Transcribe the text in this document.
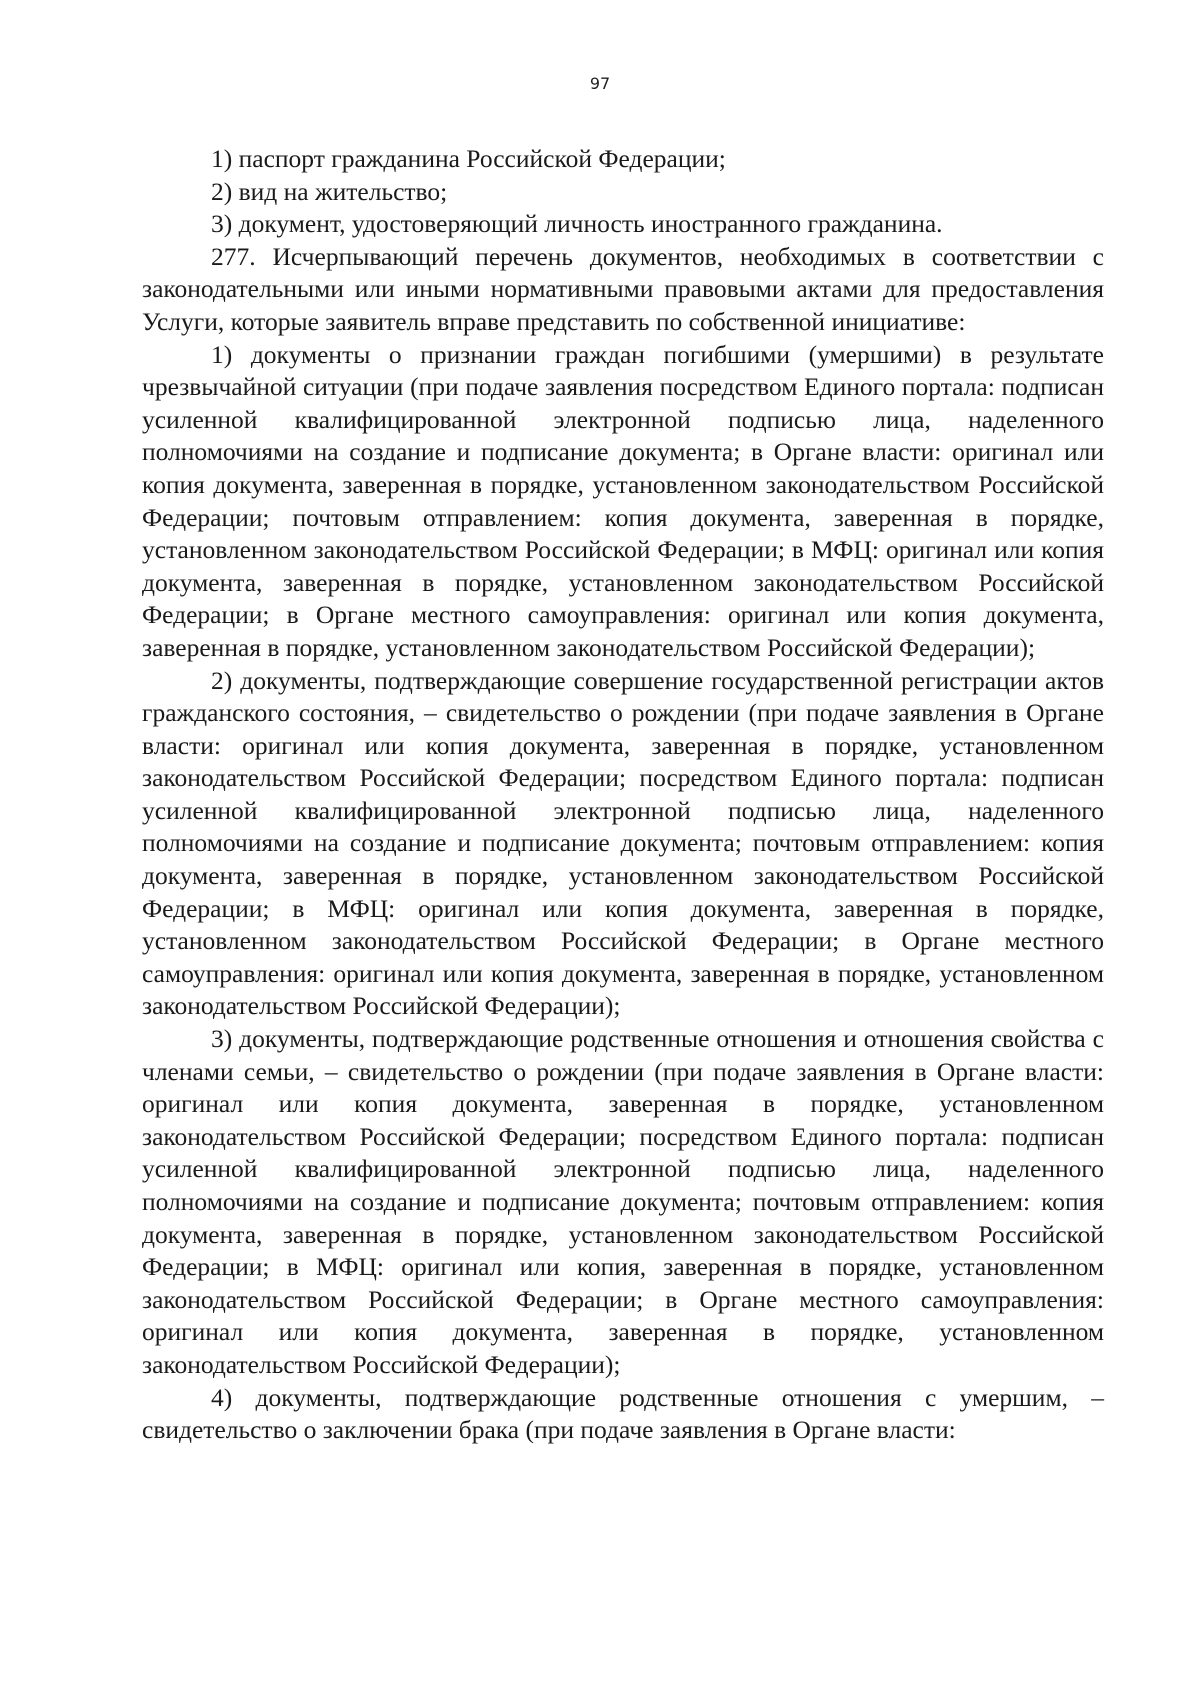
97

1) паспорт гражданина Российской Федерации;

2) вид на жительство;

3) документ, удостоверяющий личность иностранного гражданина.

277. Исчерпывающий перечень документов, необходимых в соответствии с законодательными или иными нормативными правовыми актами для предоставления Услуги, которые заявитель вправе представить по собственной инициативе:

1) документы о признании граждан погибшими (умершими) в результате чрезвычайной ситуации (при подаче заявления посредством Единого портала: подписан усиленной квалифицированной электронной подписью лица, наделенного полномочиями на создание и подписание документа; в Органе власти: оригинал или копия документа, заверенная в порядке, установленном законодательством Российской Федерации; почтовым отправлением: копия документа, заверенная в порядке, установленном законодательством Российской Федерации; в МФЦ: оригинал или копия документа, заверенная в порядке, установленном законодательством Российской Федерации; в Органе местного самоуправления: оригинал или копия документа, заверенная в порядке, установленном законодательством Российской Федерации);

2) документы, подтверждающие совершение государственной регистрации актов гражданского состояния, – свидетельство о рождении (при подаче заявления в Органе власти: оригинал или копия документа, заверенная в порядке, установленном законодательством Российской Федерации; посредством Единого портала: подписан усиленной квалифицированной электронной подписью лица, наделенного полномочиями на создание и подписание документа; почтовым отправлением: копия документа, заверенная в порядке, установленном законодательством Российской Федерации; в МФЦ: оригинал или копия документа, заверенная в порядке, установленном законодательством Российской Федерации; в Органе местного самоуправления: оригинал или копия документа, заверенная в порядке, установленном законодательством Российской Федерации);

3) документы, подтверждающие родственные отношения и отношения свойства с членами семьи, – свидетельство о рождении (при подаче заявления в Органе власти: оригинал или копия документа, заверенная в порядке, установленном законодательством Российской Федерации; посредством Единого портала: подписан усиленной квалифицированной электронной подписью лица, наделенного полномочиями на создание и подписание документа; почтовым отправлением: копия документа, заверенная в порядке, установленном законодательством Российской Федерации; в МФЦ: оригинал или копия, заверенная в порядке, установленном законодательством Российской Федерации; в Органе местного самоуправления: оригинал или копия документа, заверенная в порядке, установленном законодательством Российской Федерации);

4) документы, подтверждающие родственные отношения с умершим, – свидетельство о заключении брака (при подаче заявления в Органе власти:
